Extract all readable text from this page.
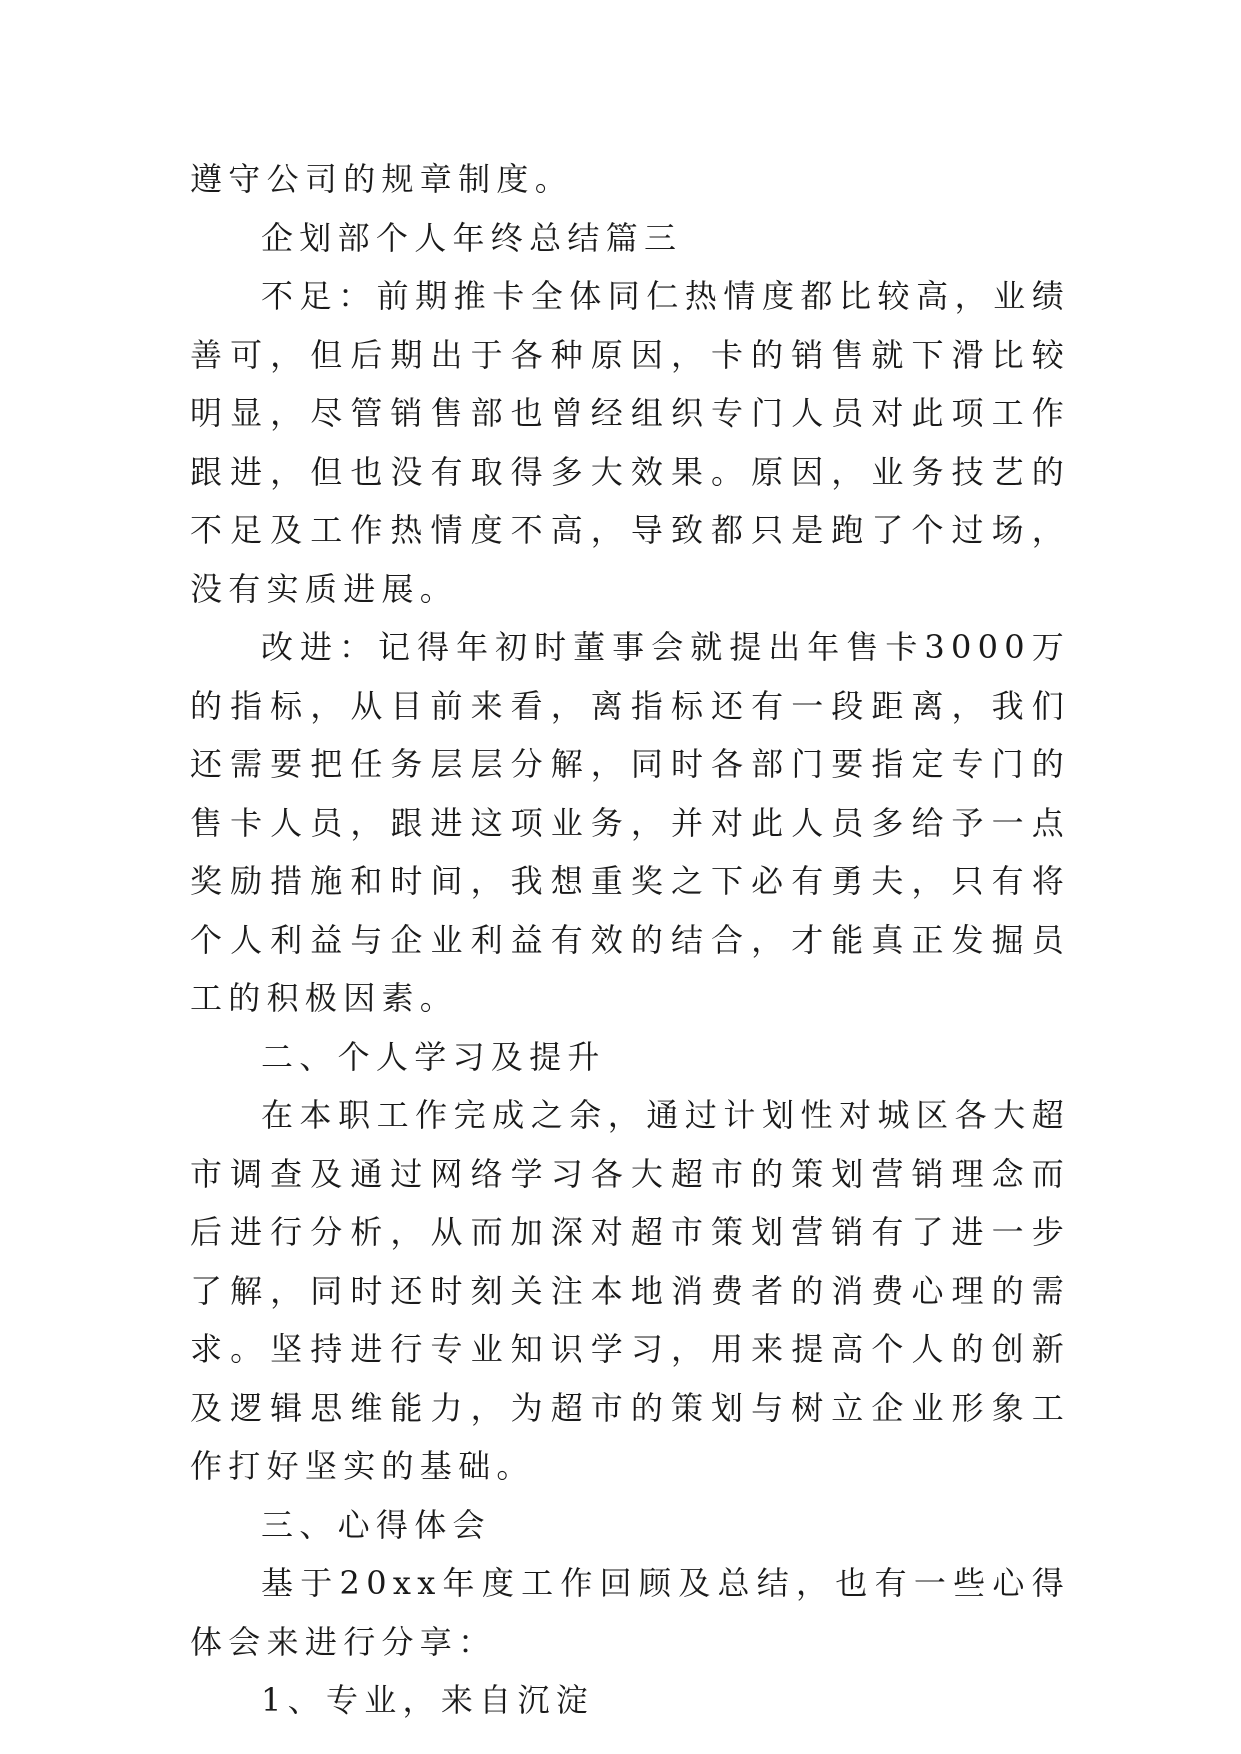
遵守公司的规章制度。

企划部个人年终总结篇三

不足：前期推卡全体同仁热情度都比较高，业绩善可，但后期出于各种原因，卡的销售就下滑比较明显，尽管销售部也曾经组织专门人员对此项工作跟进，但也没有取得多大效果。原因，业务技艺的不足及工作热情度不高，导致都只是跑了个过场，没有实质进展。

改进：记得年初时董事会就提出年售卡3000万的指标，从目前来看，离指标还有一段距离，我们还需要把任务层层分解，同时各部门要指定专门的售卡人员，跟进这项业务，并对此人员多给予一点奖励措施和时间，我想重奖之下必有勇夫，只有将个人利益与企业利益有效的结合，才能真正发掘员工的积极因素。

二、个人学习及提升

在本职工作完成之余，通过计划性对城区各大超市调查及通过网络学习各大超市的策划营销理念而后进行分析，从而加深对超市策划营销有了进一步了解，同时还时刻关注本地消费者的消费心理的需求。坚持进行专业知识学习，用来提高个人的创新及逻辑思维能力，为超市的策划与树立企业形象工作打好坚实的基础。

三、心得体会

基于20xx年度工作回顾及总结，也有一些心得体会来进行分享：

1、专业，来自沉淀
